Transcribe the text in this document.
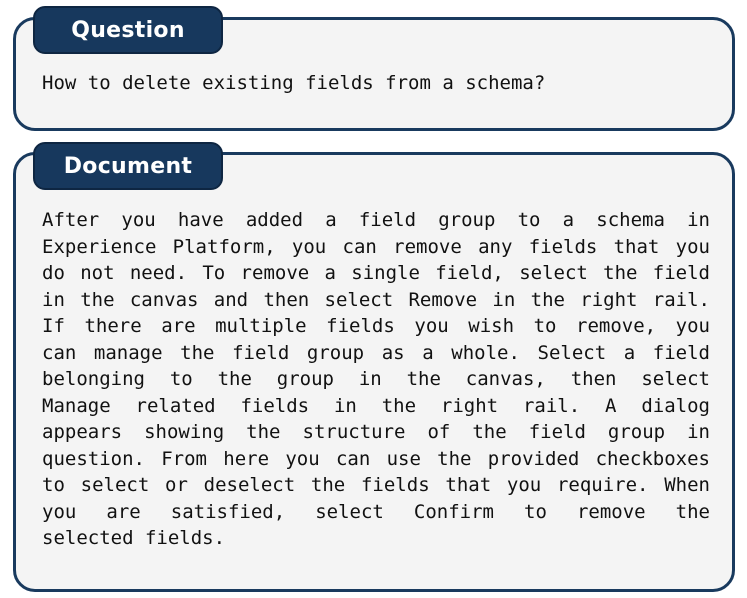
Question
How to delete existing fields from a schema?
Document
After you have added a field group to a schema in
Experience Platform, you can remove any fields that you
do not need. To remove a single field, select the field
in the canvas and then select Remove in the right rail.
If there are multiple fields you wish to remove, you
can manage the field group as a whole. Select a field
belonging to the group in the canvas, then select
Manage related fields in the right rail. A dialog
appears showing the structure of the field group in
question. From here you can use the provided checkboxes
to select or deselect the fields that you require. When
you are satisfied, select Confirm to remove the
selected fields.
